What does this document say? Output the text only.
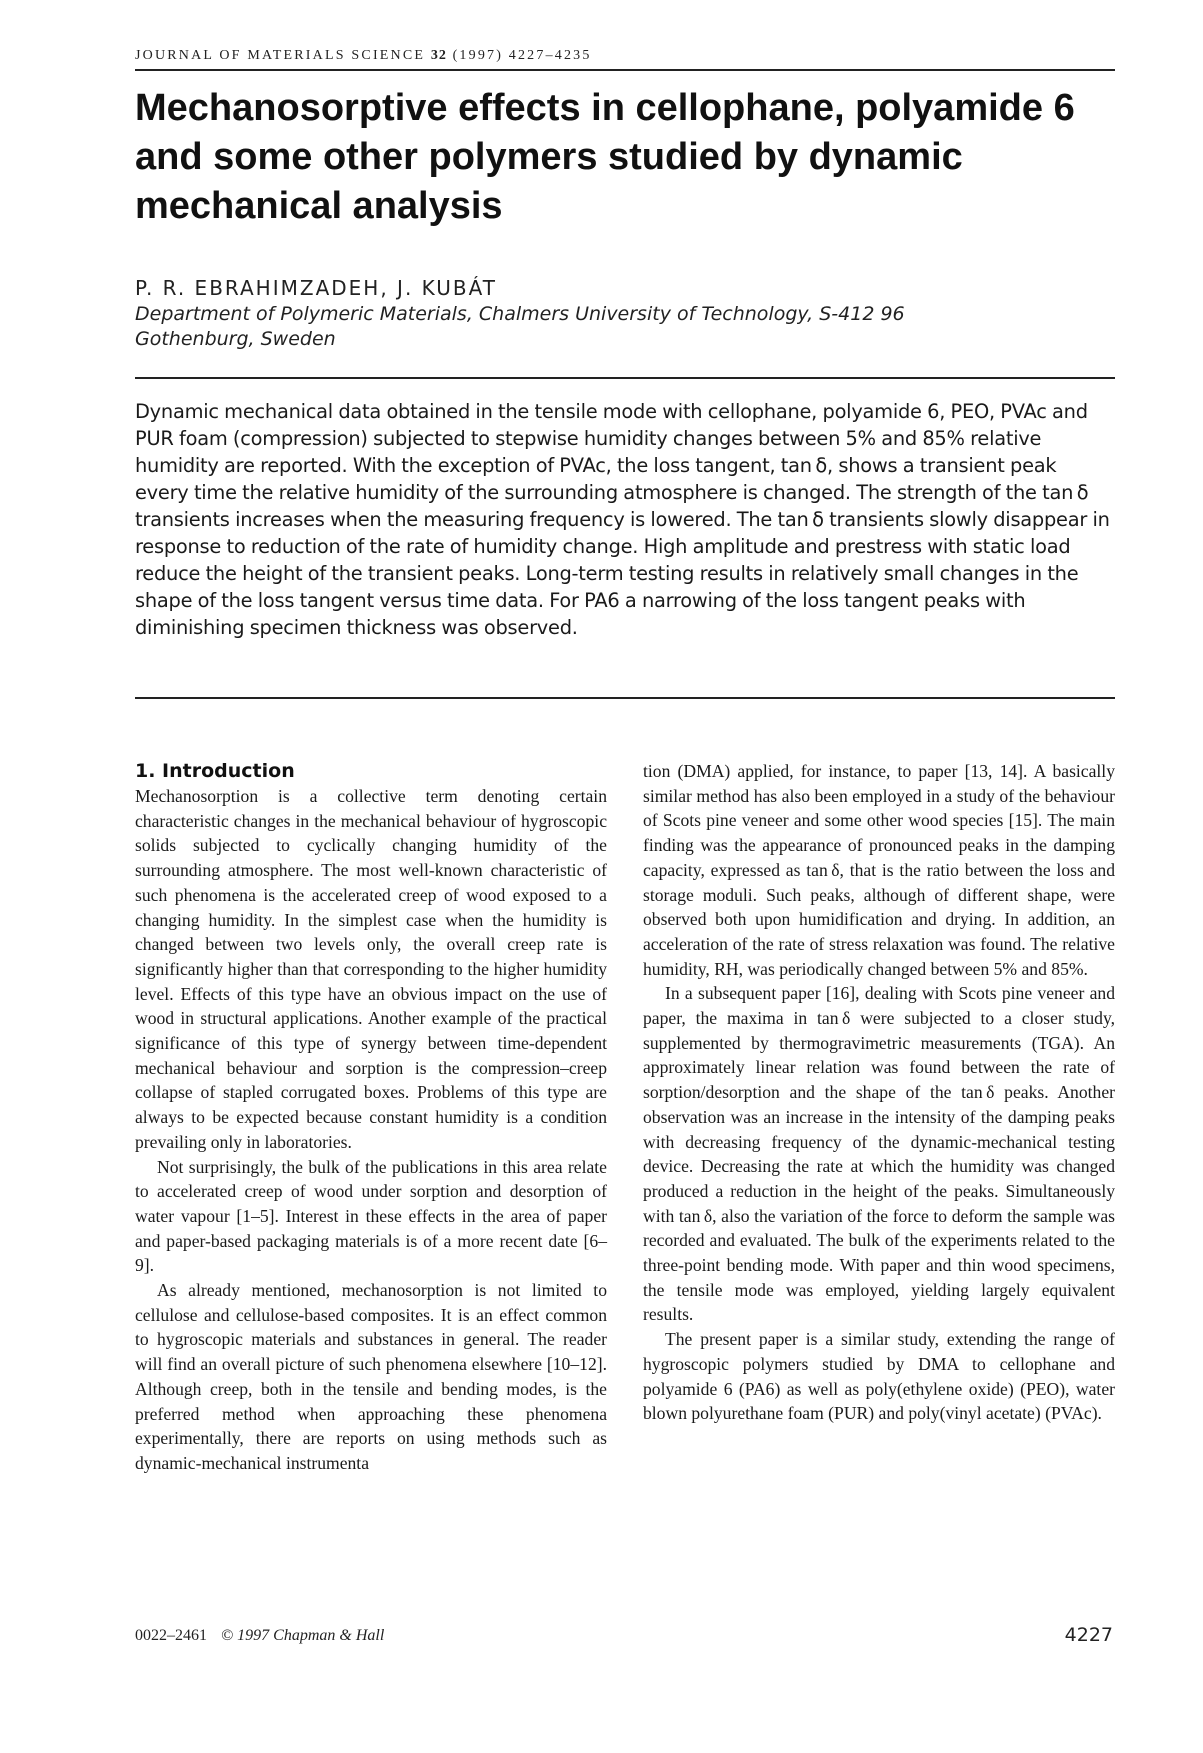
JOURNAL OF MATERIALS SCIENCE 32 (1997) 4227–4235
Mechanosorptive effects in cellophane, polyamide 6 and some other polymers studied by dynamic mechanical analysis
P. R. EBRAHIMZADEH, J. KUBÁT
Department of Polymeric Materials, Chalmers University of Technology, S-412 96
Gothenburg, Sweden

Dynamic mechanical data obtained in the tensile mode with cellophane, polyamide 6, PEO, PVAc and PUR foam (compression) subjected to stepwise humidity changes between 5% and 85% relative humidity are reported. With the exception of PVAc, the loss tangent, tan δ, shows a transient peak every time the relative humidity of the surrounding atmosphere is changed. The strength of the tan δ transients increases when the measuring frequency is lowered. The tan δ transients slowly disappear in response to reduction of the rate of humidity change. High amplitude and prestress with static load reduce the height of the transient peaks. Long-term testing results in relatively small changes in the shape of the loss tangent versus time data. For PA6 a narrowing of the loss tangent peaks with diminishing specimen thickness was observed.

1. Introduction

Mechanosorption is a collective term denoting certain characteristic changes in the mechanical behaviour of hygroscopic solids subjected to cyclically changing humidity of the surrounding atmosphere. The most well-known characteristic of such phenomena is the accelerated creep of wood exposed to a changing humidity. In the simplest case when the humidity is changed between two levels only, the overall creep rate is significantly higher than that corresponding to the higher humidity level. Effects of this type have an obvious impact on the use of wood in structural applications. Another example of the practical significance of this type of synergy between time-dependent mechanical behaviour and sorption is the compression–creep collapse of stapled corrugated boxes. Problems of this type are always to be expected because constant humidity is a condition prevailing only in laboratories.

Not surprisingly, the bulk of the publications in this area relate to accelerated creep of wood under sorption and desorption of water vapour [1–5]. Interest in these effects in the area of paper and paper-based packaging materials is of a more recent date [6–9].

As already mentioned, mechanosorption is not limited to cellulose and cellulose-based composites. It is an effect common to hygroscopic materials and substances in general. The reader will find an overall picture of such phenomena elsewhere [10–12]. Although creep, both in the tensile and bending modes, is the preferred method when approaching these phenomena experimentally, there are reports on using methods such as dynamic-mechanical instrumenta

tion (DMA) applied, for instance, to paper [13, 14]. A basically similar method has also been employed in a study of the behaviour of Scots pine veneer and some other wood species [15]. The main finding was the appearance of pronounced peaks in the damping capacity, expressed as tan δ, that is the ratio between the loss and storage moduli. Such peaks, although of different shape, were observed both upon humidification and drying. In addition, an acceleration of the rate of stress relaxation was found. The relative humidity, RH, was periodically changed between 5% and 85%.

In a subsequent paper [16], dealing with Scots pine veneer and paper, the maxima in tan δ were subjected to a closer study, supplemented by thermogravimetric measurements (TGA). An approximately linear relation was found between the rate of sorption/desorption and the shape of the tan δ peaks. Another observation was an increase in the intensity of the damping peaks with decreasing frequency of the dynamic-mechanical testing device. Decreasing the rate at which the humidity was changed produced a reduction in the height of the peaks. Simultaneously with tan δ, also the variation of the force to deform the sample was recorded and evaluated. The bulk of the experiments related to the three-point bending mode. With paper and thin wood specimens, the tensile mode was employed, yielding largely equivalent results.

The present paper is a similar study, extending the range of hygroscopic polymers studied by DMA to cellophane and polyamide 6 (PA6) as well as poly(ethylene oxide) (PEO), water blown polyurethane foam (PUR) and poly(vinyl acetate) (PVAc).

0022–2461 © 1997 Chapman & Hall	4227
